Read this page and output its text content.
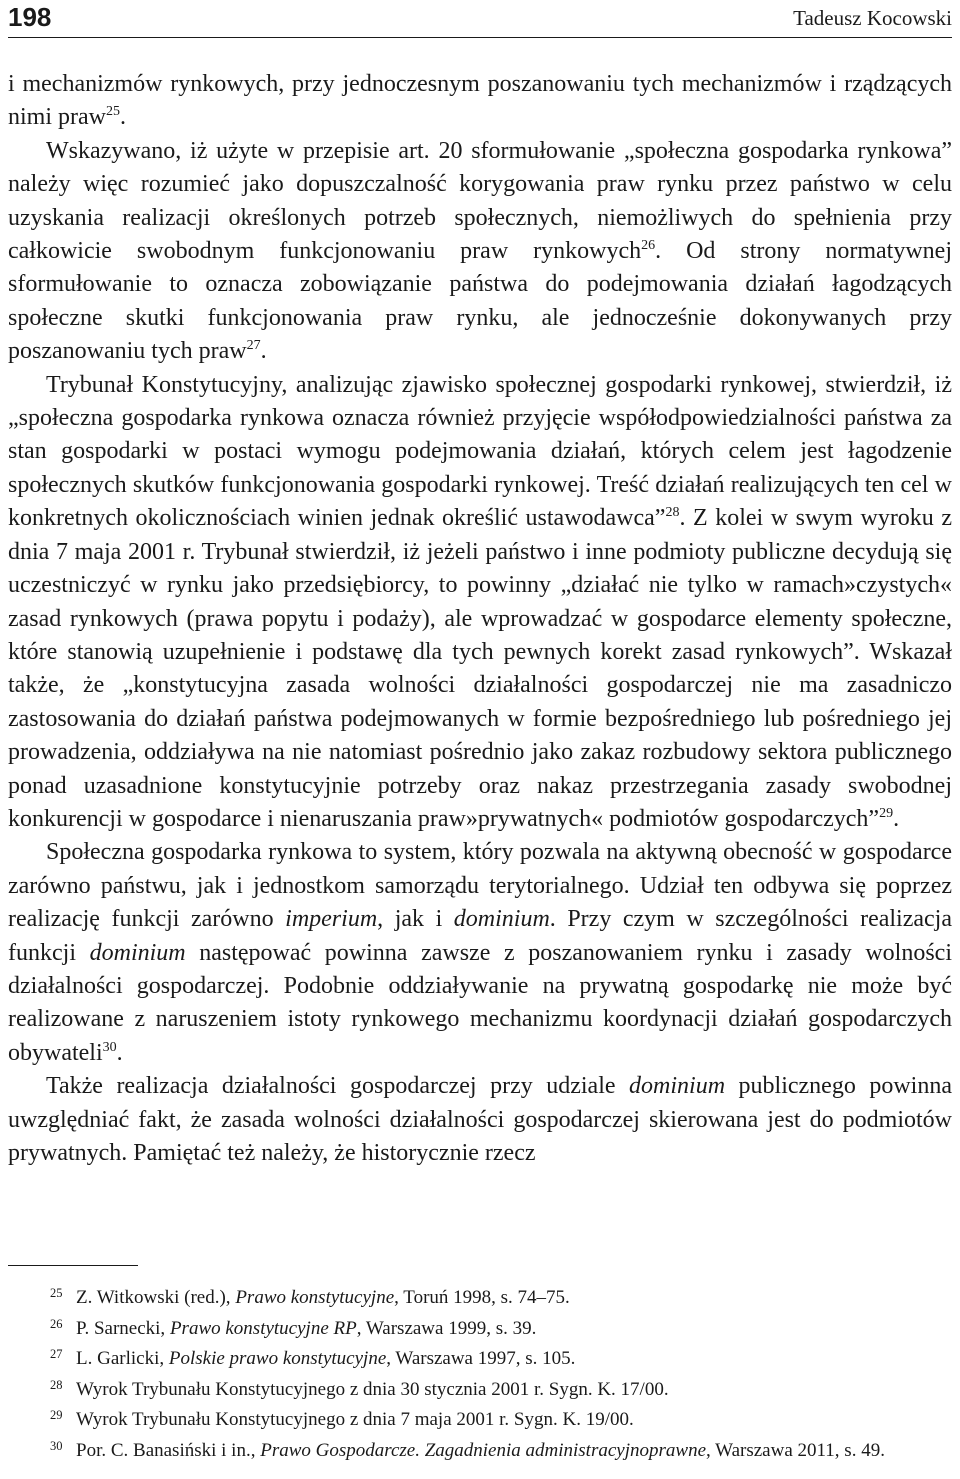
198	Tadeusz Kocowski

i mechanizmów rynkowych, przy jednoczesnym poszanowaniu tych mechanizmów i rządzących nimi praw$^{25}$.

Wskazywano, iż użyte w przepisie art. 20 sformułowanie „społeczna gospodarka rynkowa” należy więc rozumieć jako dopuszczalność korygowania praw rynku przez państwo w celu uzyskania realizacji określonych potrzeb społecznych, niemożliwych do spełnienia przy całkowicie swobodnym funkcjonowaniu praw rynkowych$^{26}$. Od strony normatywnej sformułowanie to oznacza zobowiązanie państwa do podejmowania działań łagodzących społeczne skutki funkcjonowania praw rynku, ale jednocześnie dokonywanych przy poszanowaniu tych praw$^{27}$.

Trybunał Konstytucyjny, analizując zjawisko społecznej gospodarki rynkowej, stwierdził, iż „społeczna gospodarka rynkowa oznacza również przyjęcie współodpowiedzialności państwa za stan gospodarki w postaci wymogu podejmowania działań, których celem jest łagodzenie społecznych skutków funkcjonowania gospodarki rynkowej. Treść działań realizujących ten cel w konkretnych okolicznościach winien jednak określić ustawodawca”$^{28}$. Z kolei w swym wyroku z dnia 7 maja 2001 r. Trybunał stwierdził, iż jeżeli państwo i inne podmioty publiczne decydują się uczestniczyć w rynku jako przedsiębiorcy, to powinny „działać nie tylko w ramach»czystych« zasad rynkowych (prawa popytu i podaży), ale wprowadzać w gospodarce elementy społeczne, które stanowią uzupełnienie i podstawę dla tych pewnych korekt zasad rynkowych”. Wskazał także, że „konstytucyjna zasada wolności działalności gospodarczej nie ma zasadniczo zastosowania do działań państwa podejmowanych w formie bezpośredniego lub pośredniego jej prowadzenia, oddziaływa na nie natomiast pośrednio jako zakaz rozbudowy sektora publicznego ponad uzasadnione konstytucyjnie potrzeby oraz nakaz przestrzegania zasady swobodnej konkurencji w gospodarce i nienaruszania praw»prywatnych« podmiotów gospodarczych”$^{29}$.

Społeczna gospodarka rynkowa to system, który pozwala na aktywną obecność w gospodarce zarówno państwu, jak i jednostkom samorządu terytorialnego. Udział ten odbywa się poprzez realizację funkcji zarówno imperium, jak i dominium. Przy czym w szczególności realizacja funkcji dominium następować powinna zawsze z poszanowaniem rynku i zasady wolności działalności gospodarczej. Podobnie oddziaływanie na prywatną gospodarkę nie może być realizowane z naruszeniem istoty rynkowego mechanizmu koordynacji działań gospodarczych obywateli$^{30}$.

Także realizacja działalności gospodarczej przy udziale dominium publicznego powinna uwzględniać fakt, że zasada wolności działalności gospodarczej skierowana jest do podmiotów prywatnych. Pamiętać też należy, że historycznie rzecz

$^{25}$ Z. Witkowski (red.), Prawo konstytucyjne, Toruń 1998, s. 74–75.

$^{26}$ P. Sarnecki, Prawo konstytucyjne RP, Warszawa 1999, s. 39.

$^{27}$ L. Garlicki, Polskie prawo konstytucyjne, Warszawa 1997, s. 105.

$^{28}$ Wyrok Trybunału Konstytucyjnego z dnia 30 stycznia 2001 r. Sygn. K. 17/00.

$^{29}$ Wyrok Trybunału Konstytucyjnego z dnia 7 maja 2001 r. Sygn. K. 19/00.

$^{30}$ Por. C. Banasiński i in., Prawo Gospodarcze. Zagadnienia administracyjnoprawne, Warszawa 2011, s. 49.
